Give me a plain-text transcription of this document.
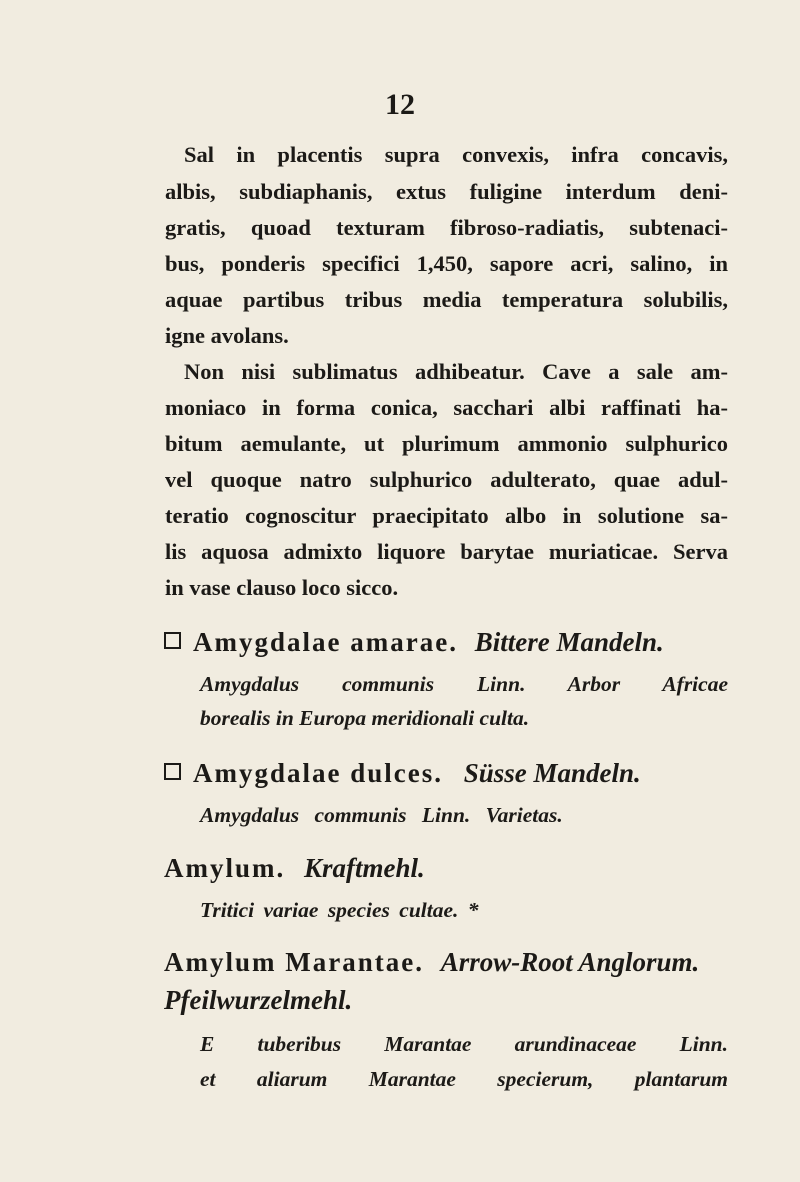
12
Sal in placentis supra convexis, infra concavis,
albis, subdiaphanis, extus fuligine interdum deni-
gratis, quoad texturam fibroso-radiatis, subtenaci-
bus, ponderis specifici 1,450, sapore acri, salino, in
aquae partibus tribus media temperatura solubilis,
igne avolans.
Non nisi sublimatus adhibeatur. Cave a sale am-
moniaco in forma conica, sacchari albi raffinati ha-
bitum aemulante, ut plurimum ammonio sulphurico
vel quoque natro sulphurico adulterato, quae adul-
teratio cognoscitur praecipitato albo in solutione sa-
lis aquosa admixto liquore barytae muriaticae. Serva
in vase clauso loco sicco.
Amygdalae amarae. Bittere Mandeln.
Amygdalus communis Linn. Arbor Africae
borealis in Europa meridionali culta.
Amygdalae dulces. Süsse Mandeln.
Amygdalus communis Linn. Varietas.
Amylum. Kraftmehl.
Tritici variae species cultae. *
Amylum Marantae. Arrow-Root Anglorum.
Pfeilwurzelmehl.
E tuberibus Marantae arundinaceae Linn.
et aliarum Marantae specierum, plantarum
